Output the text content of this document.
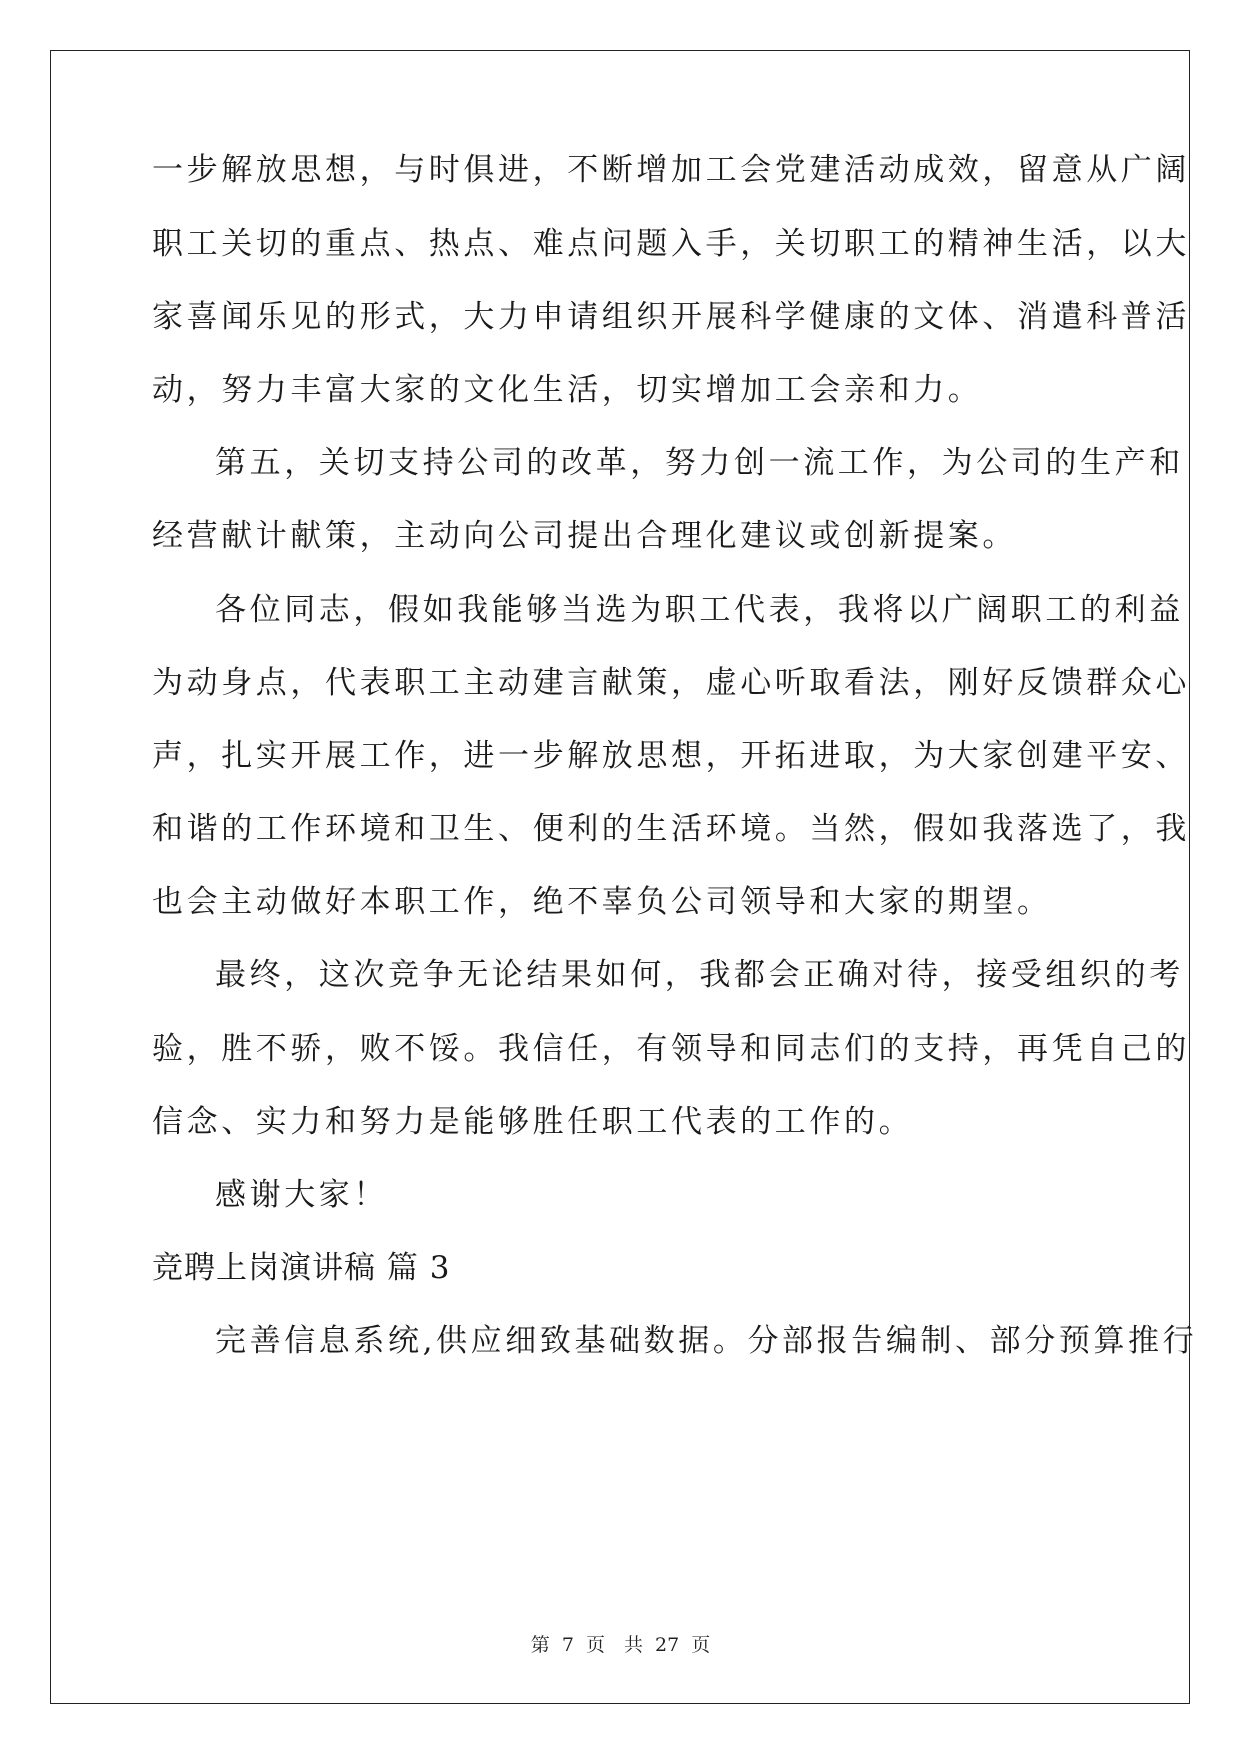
一步解放思想，与时俱进，不断增加工会党建活动成效，留意从广阔
职工关切的重点、热点、难点问题入手，关切职工的精神生活，以大
家喜闻乐见的形式，大力申请组织开展科学健康的文体、消遣科普活
动，努力丰富大家的文化生活，切实增加工会亲和力。
第五，关切支持公司的改革，努力创一流工作，为公司的生产和
经营献计献策，主动向公司提出合理化建议或创新提案。
各位同志，假如我能够当选为职工代表，我将以广阔职工的利益
为动身点，代表职工主动建言献策，虚心听取看法，刚好反馈群众心
声，扎实开展工作，进一步解放思想，开拓进取，为大家创建平安、
和谐的工作环境和卫生、便利的生活环境。当然，假如我落选了，我
也会主动做好本职工作，绝不辜负公司领导和大家的期望。
最终，这次竞争无论结果如何，我都会正确对待，接受组织的考
验，胜不骄，败不馁。我信任，有领导和同志们的支持，再凭自己的
信念、实力和努力是能够胜任职工代表的工作的。
感谢大家！
竞聘上岗演讲稿 篇 3
完善信息系统,供应细致基础数据。分部报告编制、部分预算推行
第 7 页　共 27 页
